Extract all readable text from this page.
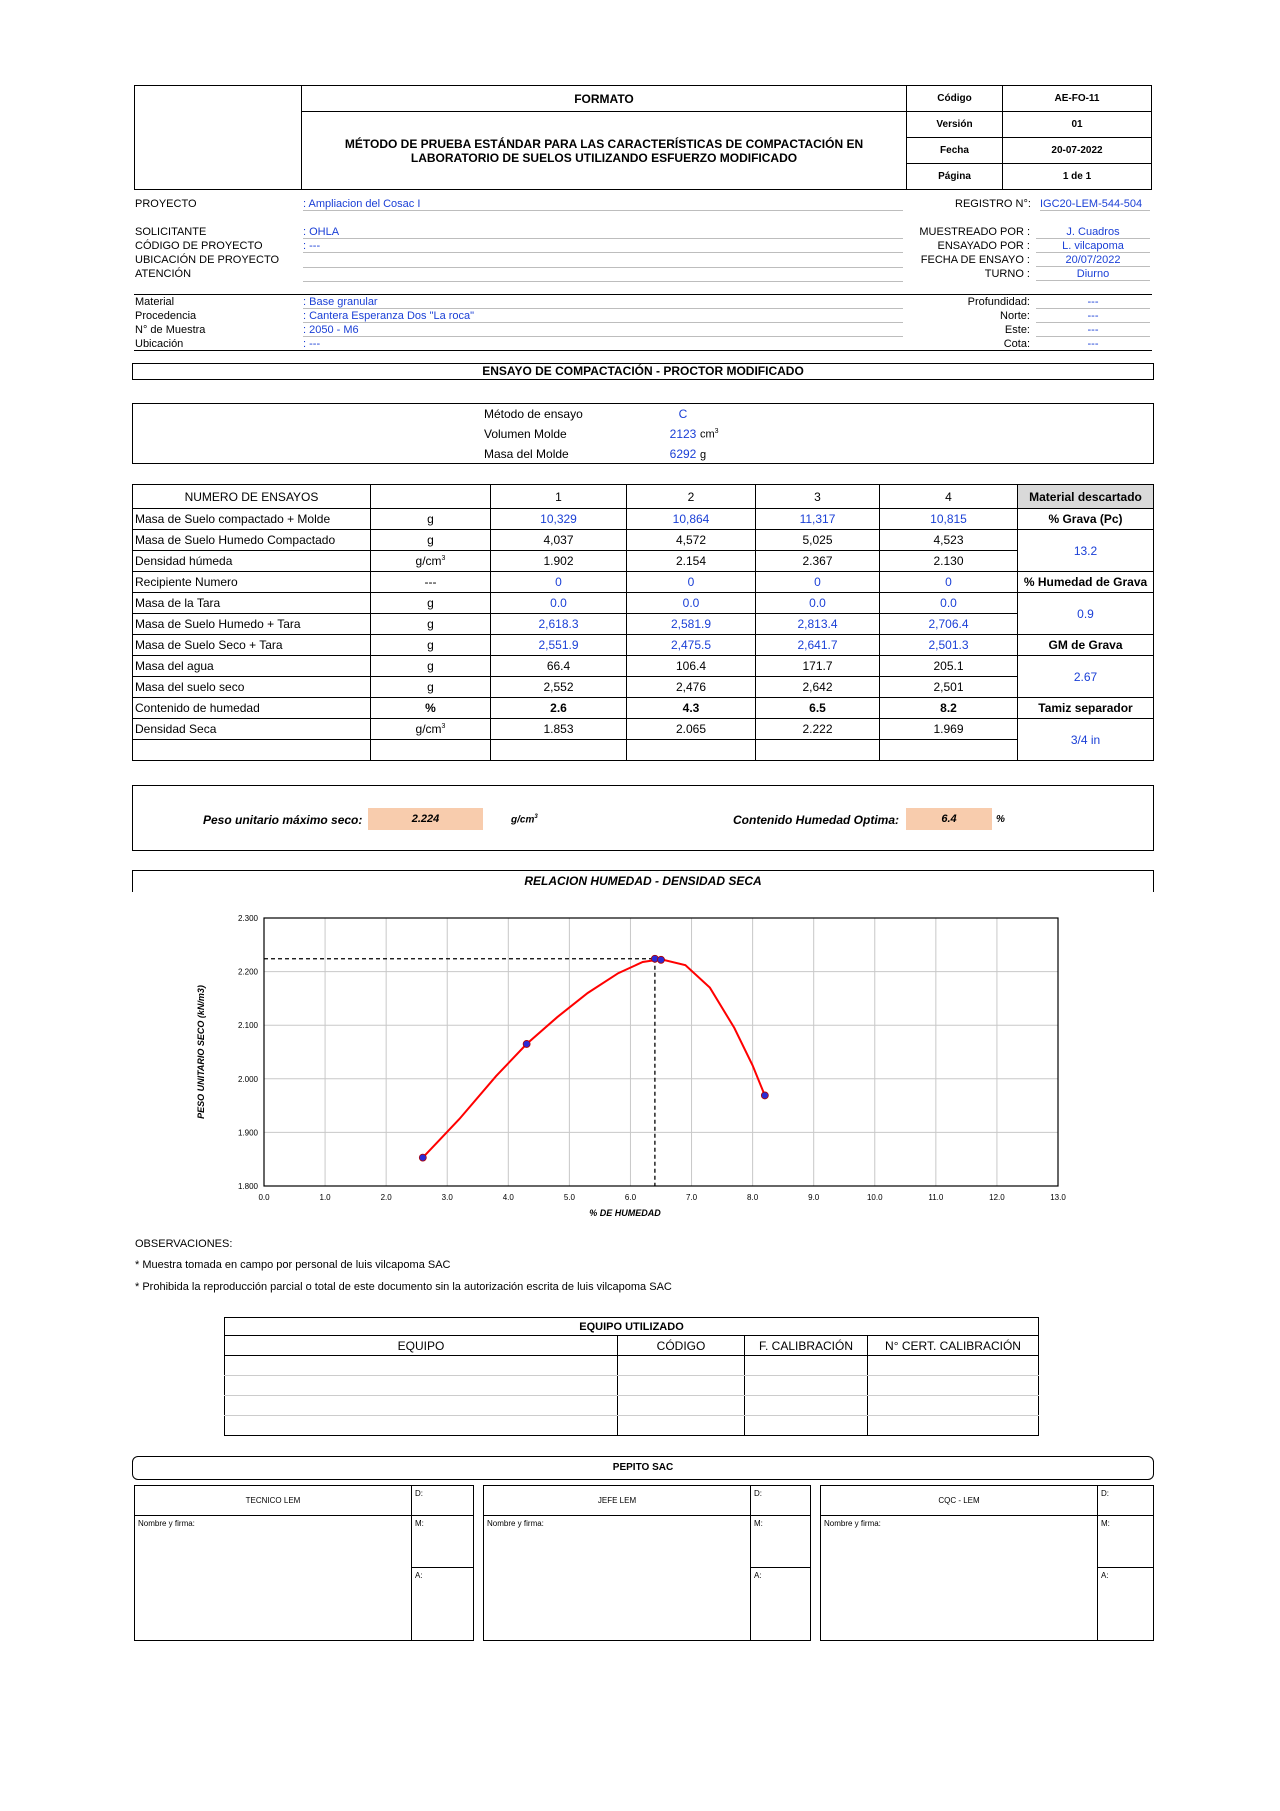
	FORMATO	Código	AE-FO-11

	MÉTODO DE PRUEBA ESTÁNDAR PARA LAS CARACTERÍSTICAS DE COMPACTACIÓN EN
LABORATORIO DE SUELOS UTILIZANDO ESFUERZO MODIFICADO	Versión	01
		Fecha	20-07-2022
		Página	1 de 1
PROYECTO	: Ampliacion del Cosac I	REGISTRO N°: IGC20-LEM-544-504
SOLICITANTE	: OHLA
CÓDIGO DE PROYECTO	: ---
UBICACIÓN DE PROYECTO
ATENCIÓN
MUESTREADO POR :	J. Cuadros
ENSAYADO POR :	L. vilcapoma
FECHA DE ENSAYO :	20/07/2022
TURNO :	Diurno
Material	: Base granular
Procedencia	: Cantera Esperanza Dos "La roca"
N° de Muestra	: 2050 - M6
Ubicación	: ---
Profundidad:	---
Norte:	---
Este:	---
Cota:	---
ENSAYO DE COMPACTACIÓN - PROCTOR MODIFICADO
Método de ensayo	C
Volumen Molde	2123 $cm^3$
Masa del Molde	6292 g
NUMERO DE ENSAYOS		1	2	3	4	Material descartado
Masa de Suelo compactado + Molde	g	10,329	10,864	11,317	10,815	% Grava (Pc)
Masa de Suelo Humedo Compactado	g	4,037	4,572	5,025	4,523	13.2
Densidad húmeda	$g/cm^3$	1.902	2.154	2.367	2.130	
Recipiente Numero	---	0	0	0	0	% Humedad de Grava
Masa de la Tara	g	0.0	0.0	0.0	0.0	0.9
Masa de Suelo Humedo + Tara	g	2,618.3	2,581.9	2,813.4	2,706.4	
Masa de Suelo Seco + Tara	g	2,551.9	2,475.5	2,641.7	2,501.3	GM de Grava
Masa del agua	g	66.4	106.4	171.7	205.1	2.67
Masa del suelo seco	g	2,552	2,476	2,642	2,501	
Contenido de humedad	%	2.6	4.3	6.5	8.2	Tamiz separador
Densidad Seca	$g/cm^3$	1.853	2.065	2.222	1.969	3/4 in

Peso unitario máximo seco:	2.224	$g/cm^3$	Contenido Humedad Optima:	6.4	%
RELACION HUMEDAD - DENSIDAD SECA
0.0	1.0	2.0	3.0	4.0	5.0	6.0	7.0	8.0	9.0	10.0	11.0	12.0	13.0
1.800
1.900
2.000
2.100
2.200
2.300
% DE HUMEDAD
PESO UNITARIO SECO (kN/m3)
OBSERVACIONES:
* Muestra tomada en campo por personal de luis vilcapoma SAC
* Prohibida la reproducción parcial o total de este documento sin la autorización escrita de luis vilcapoma SAC
EQUIPO UTILIZADO			
EQUIPO	CÓDIGO	F. CALIBRACIÓN	N° CERT. CALIBRACIÓN

PEPITO SAC
TECNICO LEM	D:
Nombre y firma:	M:
	A:
JEFE LEM	D:
Nombre y firma:	M:
	A:
CQC - LEM	D:
Nombre y firma:	M:
	A:
